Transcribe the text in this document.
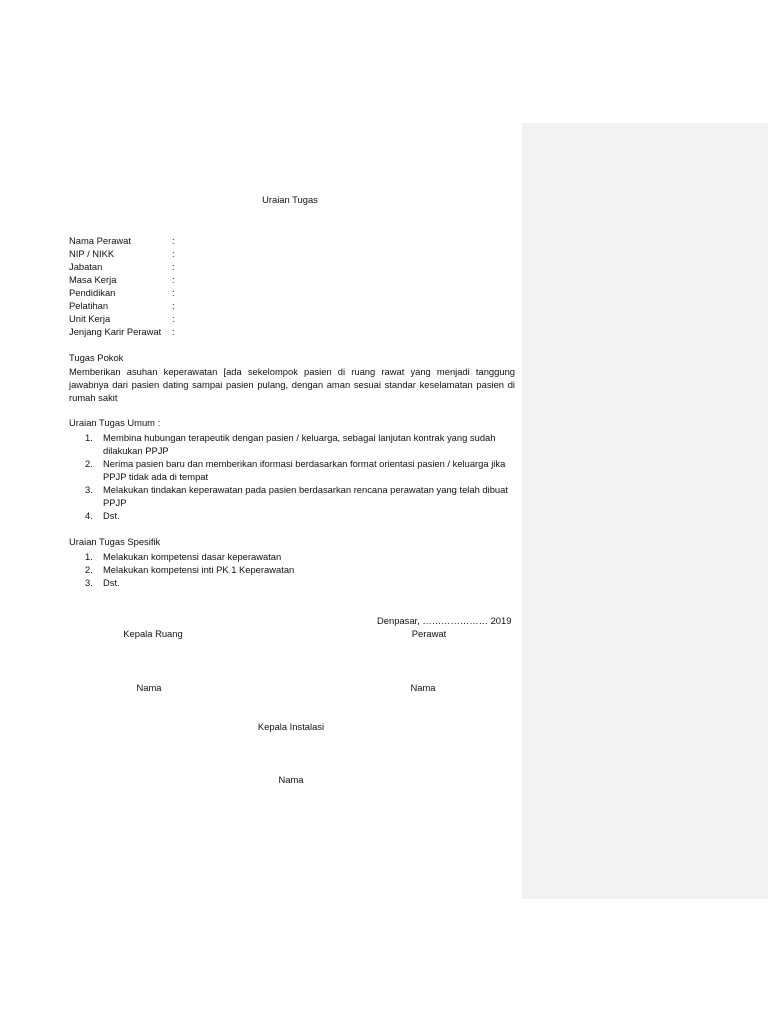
Uraian Tugas
Nama Perawat	:
NIP / NIKK	:
Jabatan	:
Masa Kerja	:
Pendidikan	:
Pelatihan	:
Unit Kerja	:
Jenjang Karir Perawat :
Tugas Pokok
Memberikan asuhan keperawatan [ada sekelompok pasien di ruang rawat yang menjadi tanggung
jawabnya dari pasien dating sampai pasien pulang, dengan aman sesuai standar keselamatan pasien di
rumah sakit
Uraian Tugas Umum :
1. Membina hubungan terapeutik dengan pasien / keluarga, sebagai lanjutan kontrak yang sudah
dilakukan PPJP
2. Nerima pasien baru dan memberikan iformasi berdasarkan format orientasi pasien / keluarga jika
PPJP tidak ada di tempat
3. Melakukan tindakan keperawatan pada pasien berdasarkan rencana perawatan yang telah dibuat
PPJP
4. Dst.
Uraian Tugas Spesifik
1. Melakukan kompetensi dasar keperawatan
2. Melakukan kompetensi inti PK 1 Keperawatan
3. Dst.
Denpasar, ………………… 2019
Kepala Ruang	Perawat
Nama	Nama
Kepala Instalasi
Nama
